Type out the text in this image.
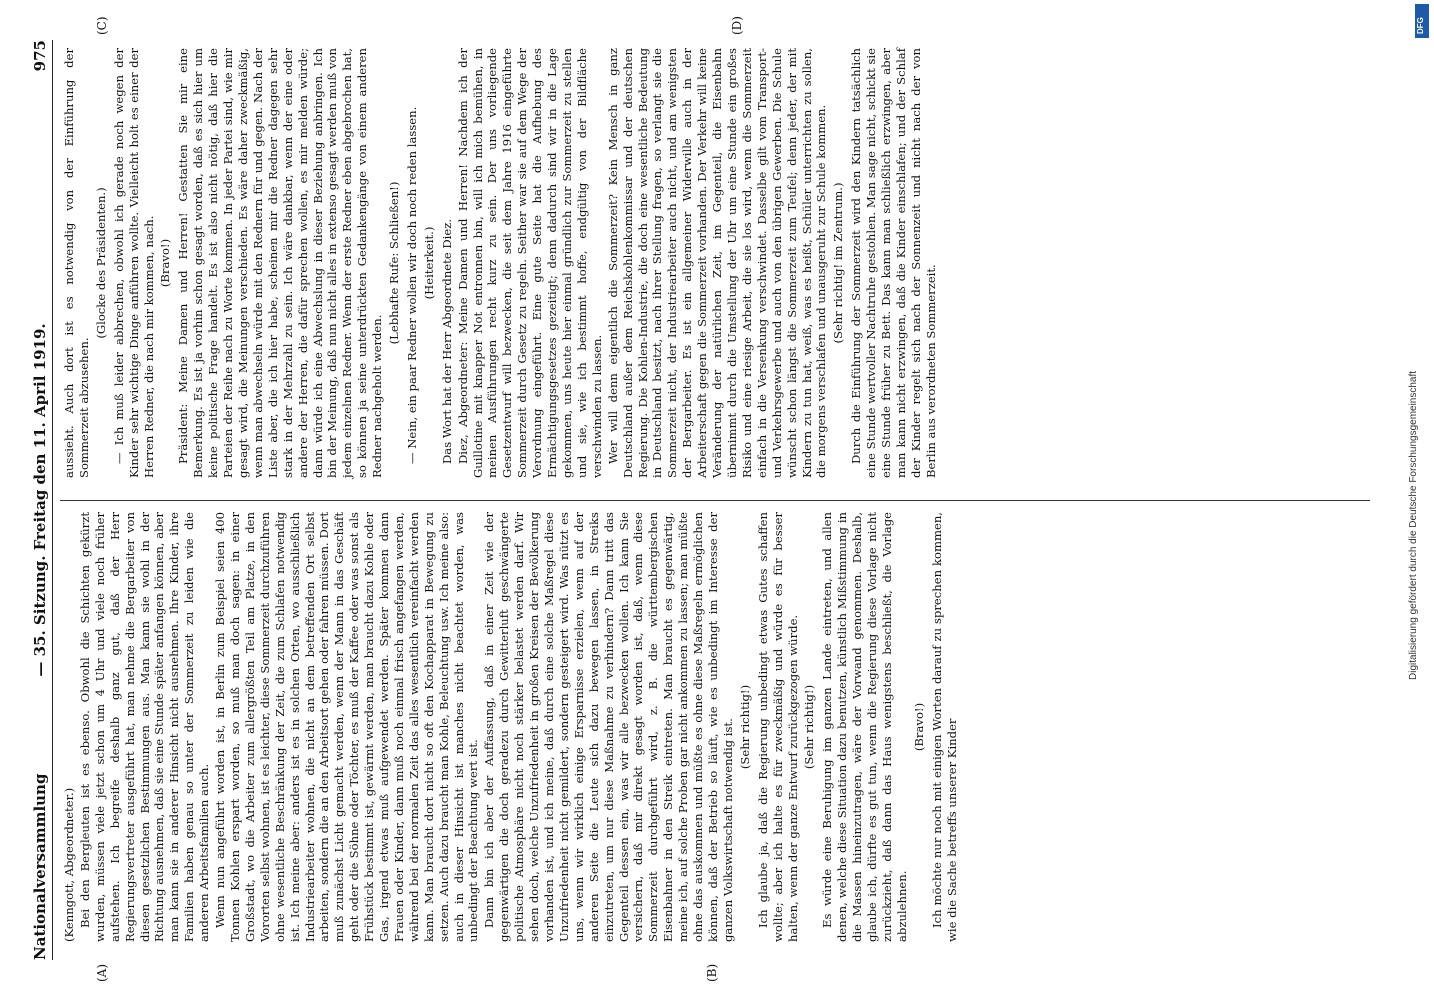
Nationalversammlung
— 35. Sitzung. Freitag den 11. April 1919.
975
(A)	(B)
(C)	(D)

(Kenngott, Abgeordneter.) Bei den Bergleuten ist es ebenso. Obwohl die Schichten gekürzt wurden, müssen viele jetzt schon um 4 Uhr und viele noch früher aufstehen. Ich begreife deshalb ganz gut, daß der Herr Regierungsvertreter ausgeführt hat, man nehme die Bergarbeiter von diesen gesetzlichen Bestimmungen aus. Man kann sie wohl in der Richtung ausnehmen, daß sie eine Stunde später anfangen können, aber man kann sie in anderer Hinsicht nicht ausnehmen. Ihre Kinder, ihre Familien haben genau so unter der Sommerzeit zu leiden wie die anderen Arbeitsfamilien auch. Wenn nun angeführt worden ist, in Berlin zum Beispiel seien 400 Tonnen Kohlen erspart worden, so muß man doch sagen: in einer Großstadt, wo die Arbeiter zum allergrößten Teil am Platze, in den Vororten selbst wohnen, ist es leichter, diese Sommerzeit durchzuführen ohne wesentliche Beschränkung der Zeit, die zum Schlafen notwendig ist. Ich meine aber: anders ist es in solchen Orten, wo ausschließlich Industriearbeiter wohnen, die nicht an dem betreffenden Ort selbst arbeiten, sondern die an den Arbeitsort gehen oder fahren müssen. Dort muß zunächst Licht gemacht werden, wenn der Mann in das Geschäft geht oder die Söhne oder Töchter, es muß der Kaffee oder was sonst als Frühstück bestimmt ist, gewärmt werden, man braucht dazu Kohle oder Gas, irgend etwas muß aufgewendet werden. Später kommen dann Frauen oder Kinder, dann muß noch einmal frisch angefangen werden, während bei der normalen Zeit das alles wesentlich vereinfacht werden kann. Man braucht dort nicht so oft den Kochapparat in Bewegung zu setzen. Auch dazu braucht man Kohle, Beleuchtung usw. Ich meine also: auch in dieser Hinsicht ist manches nicht beachtet worden, was unbedingt der Beachtung wert ist. Dann bin ich aber der Auffassung, daß in einer Zeit wie der gegenwärtigen die doch geradezu durch Gewitterluft geschwängerte politische Atmosphäre nicht noch stärker belastet werden darf. Wir sehen doch, welche Unzufriedenheit in großen Kreisen der Bevölkerung vorhanden ist, und ich meine, daß durch eine solche Maßregel diese Unzufriedenheit nicht gemildert, sondern gesteigert wird. Was nützt es uns, wenn wir wirklich einige Ersparnisse erzielen, wenn auf der anderen Seite die Leute sich dazu bewegen lassen, in Streiks einzutreten, um nur diese Maßnahme zu verhindern? Dann tritt das Gegenteil dessen ein, was wir alle bezwecken wollen. Ich kann Sie versichern, daß mir direkt gesagt worden ist, daß, wenn diese Sommerzeit durchgeführt wird, z. B. die württembergischen Eisenbahner in den Streik eintreten. Man braucht es gegenwärtig, meine ich, auf solche Proben gar nicht ankommen zu lassen; man müßte ohne das auskommen und müßte es ohne diese Maßregeln ermöglichen können, daß der Betrieb so läuft, wie es unbedingt im Interesse der ganzen Volkswirtschaft notwendig ist. (Sehr richtig!) Ich glaube ja, daß die Regierung unbedingt etwas Gutes schaffen wollte; aber ich halte es für zweckmäßig und würde es für besser halten, wenn der ganze Entwurf zurückgezogen würde. (Sehr richtig!) Es würde eine Beruhigung im ganzen Lande eintreten, und allen denen, welche diese Situation dazu benutzen, künstlich Mißstimmung in die Massen hineinzutragen, wäre der Vorwand genommen. Deshalb, glaube ich, dürfte es gut tun, wenn die Regierung diese Vorlage nicht zurückzieht, daß dann das Haus wenigstens beschließt, die Vorlage abzulehnen.

(Bravo!) Ich möchte nur noch mit einigen Worten darauf zu sprechen kommen, wie die Sache betreffs unserer Kinder

aussieht. Auch dort ist es notwendig von der Einführung der Sommerzeit abzusehen.

(Glocke des Präsidenten.) — Ich muß leider abbrechen, obwohl ich gerade noch wegen der Kinder sehr wichtige Dinge anführen wollte. Vielleicht holt es einer der Herren Redner, die nach mir kommen, nach. (Bravo!) Präsident: Meine Damen und Herren! Gestatten Sie mir eine Bemerkung. Es ist ja vorhin schon gesagt worden, daß es sich hier um keine politische Frage handelt. Es ist also nicht nötig, daß hier die Parteien der Reihe nach zu Worte kommen. In jeder Partei sind, wie mir gesagt wird, die Meinungen verschieden. Es wäre daher zweckmäßig, wenn man abwechseln würde mit den Rednern für und gegen. Nach der Liste aber, die ich hier habe, scheinen mir die Redner dagegen sehr stark in der Mehrzahl zu sein. Ich wäre dankbar, wenn der eine oder andere der Herren, die dafür sprechen wollen, es mir melden würde; dann würde ich eine Abwechslung in dieser Beziehung anbringen. Ich bin der Meinung, daß nun nicht alles in extenso gesagt werden muß von jedem einzelnen Redner. Wenn der erste Redner eben abgebrochen hat, so können ja seine unterdrückten Gedankengänge von einem anderen Redner nachgeholt werden.

(Lebhafte Rufe: Schließen!) — Nein, ein paar Redner wollen wir doch noch reden lassen. (Heiterkeit.) Das Wort hat der Herr Abgeordnete Diez. Diez, Abgeordneter: Meine Damen und Herren! Nachdem ich der Guillotine mit knapper Not entronnen bin, will ich mich bemühen, in meinen Ausführungen recht kurz zu sein. Der uns vorliegende Gesetzentwurf will bezwecken, die seit dem Jahre 1916 eingeführte Sommerzeit durch Gesetz zu regeln. Seither war sie auf dem Wege der Verordnung eingeführt. Eine gute Seite hat die Aufhebung des Ermächtigungsgesetzes gezeitigt; denn dadurch sind wir in die Lage gekommen, uns heute hier einmal gründlich zur Sommerzeit zu stellen und sie, wie ich bestimmt hoffe, endgültig von der Bildfläche verschwinden zu lassen. Wer will denn eigentlich die Sommerzeit? Kein Mensch in ganz Deutschland außer dem Reichskohlenkommissar und der deutschen Regierung. Die Kohlen-Industrie, die doch eine wesentliche Bedeutung in Deutschland besitzt, nach ihrer Stellung fragen, so verlangt sie die Sommerzeit nicht, der Industriearbeiter auch nicht, und am wenigsten der Bergarbeiter. Es ist ein allgemeiner Widerwille auch in der Arbeiterschaft gegen die Sommerzeit vorhanden. Der Verkehr will keine Veränderung der natürlichen Zeit, im Gegenteil, die Eisenbahn übernimmt durch die Umstellung der Uhr um eine Stunde ein großes Risiko und eine riesige Arbeit, die sie los wird, wenn die Sommerzeit einfach in die Versenkung verschwindet. Dasselbe gilt vom Transport- und Verkehrsgewerbe und auch von den übrigen Gewerben. Die Schule wünscht schon längst die Sommerzeit zum Teufel; denn jeder, der mit Kindern zu tun hat, weiß, was es heißt, Schüler unterrichten zu sollen, die morgens verschlafen und unausgeruht zur Schule kommen. (Sehr richtig! im Zentrum.) Durch die Einführung der Sommerzeit wird den Kindern tatsächlich eine Stunde wertvoller Nachtruhe gestohlen. Man sage nicht, schickt sie eine Stunde früher zu Bett. Das kann man schließlich erzwingen, aber man kann nicht erzwingen, daß die Kinder einschlafen; und der Schlaf der Kinder regelt sich nach der Sonnenzeit und nicht nach der von Berlin aus verordneten Sommerzeit.	Digitalisierung gefördert durch die Deutsche Forschungsgemeinschaft
DFG
